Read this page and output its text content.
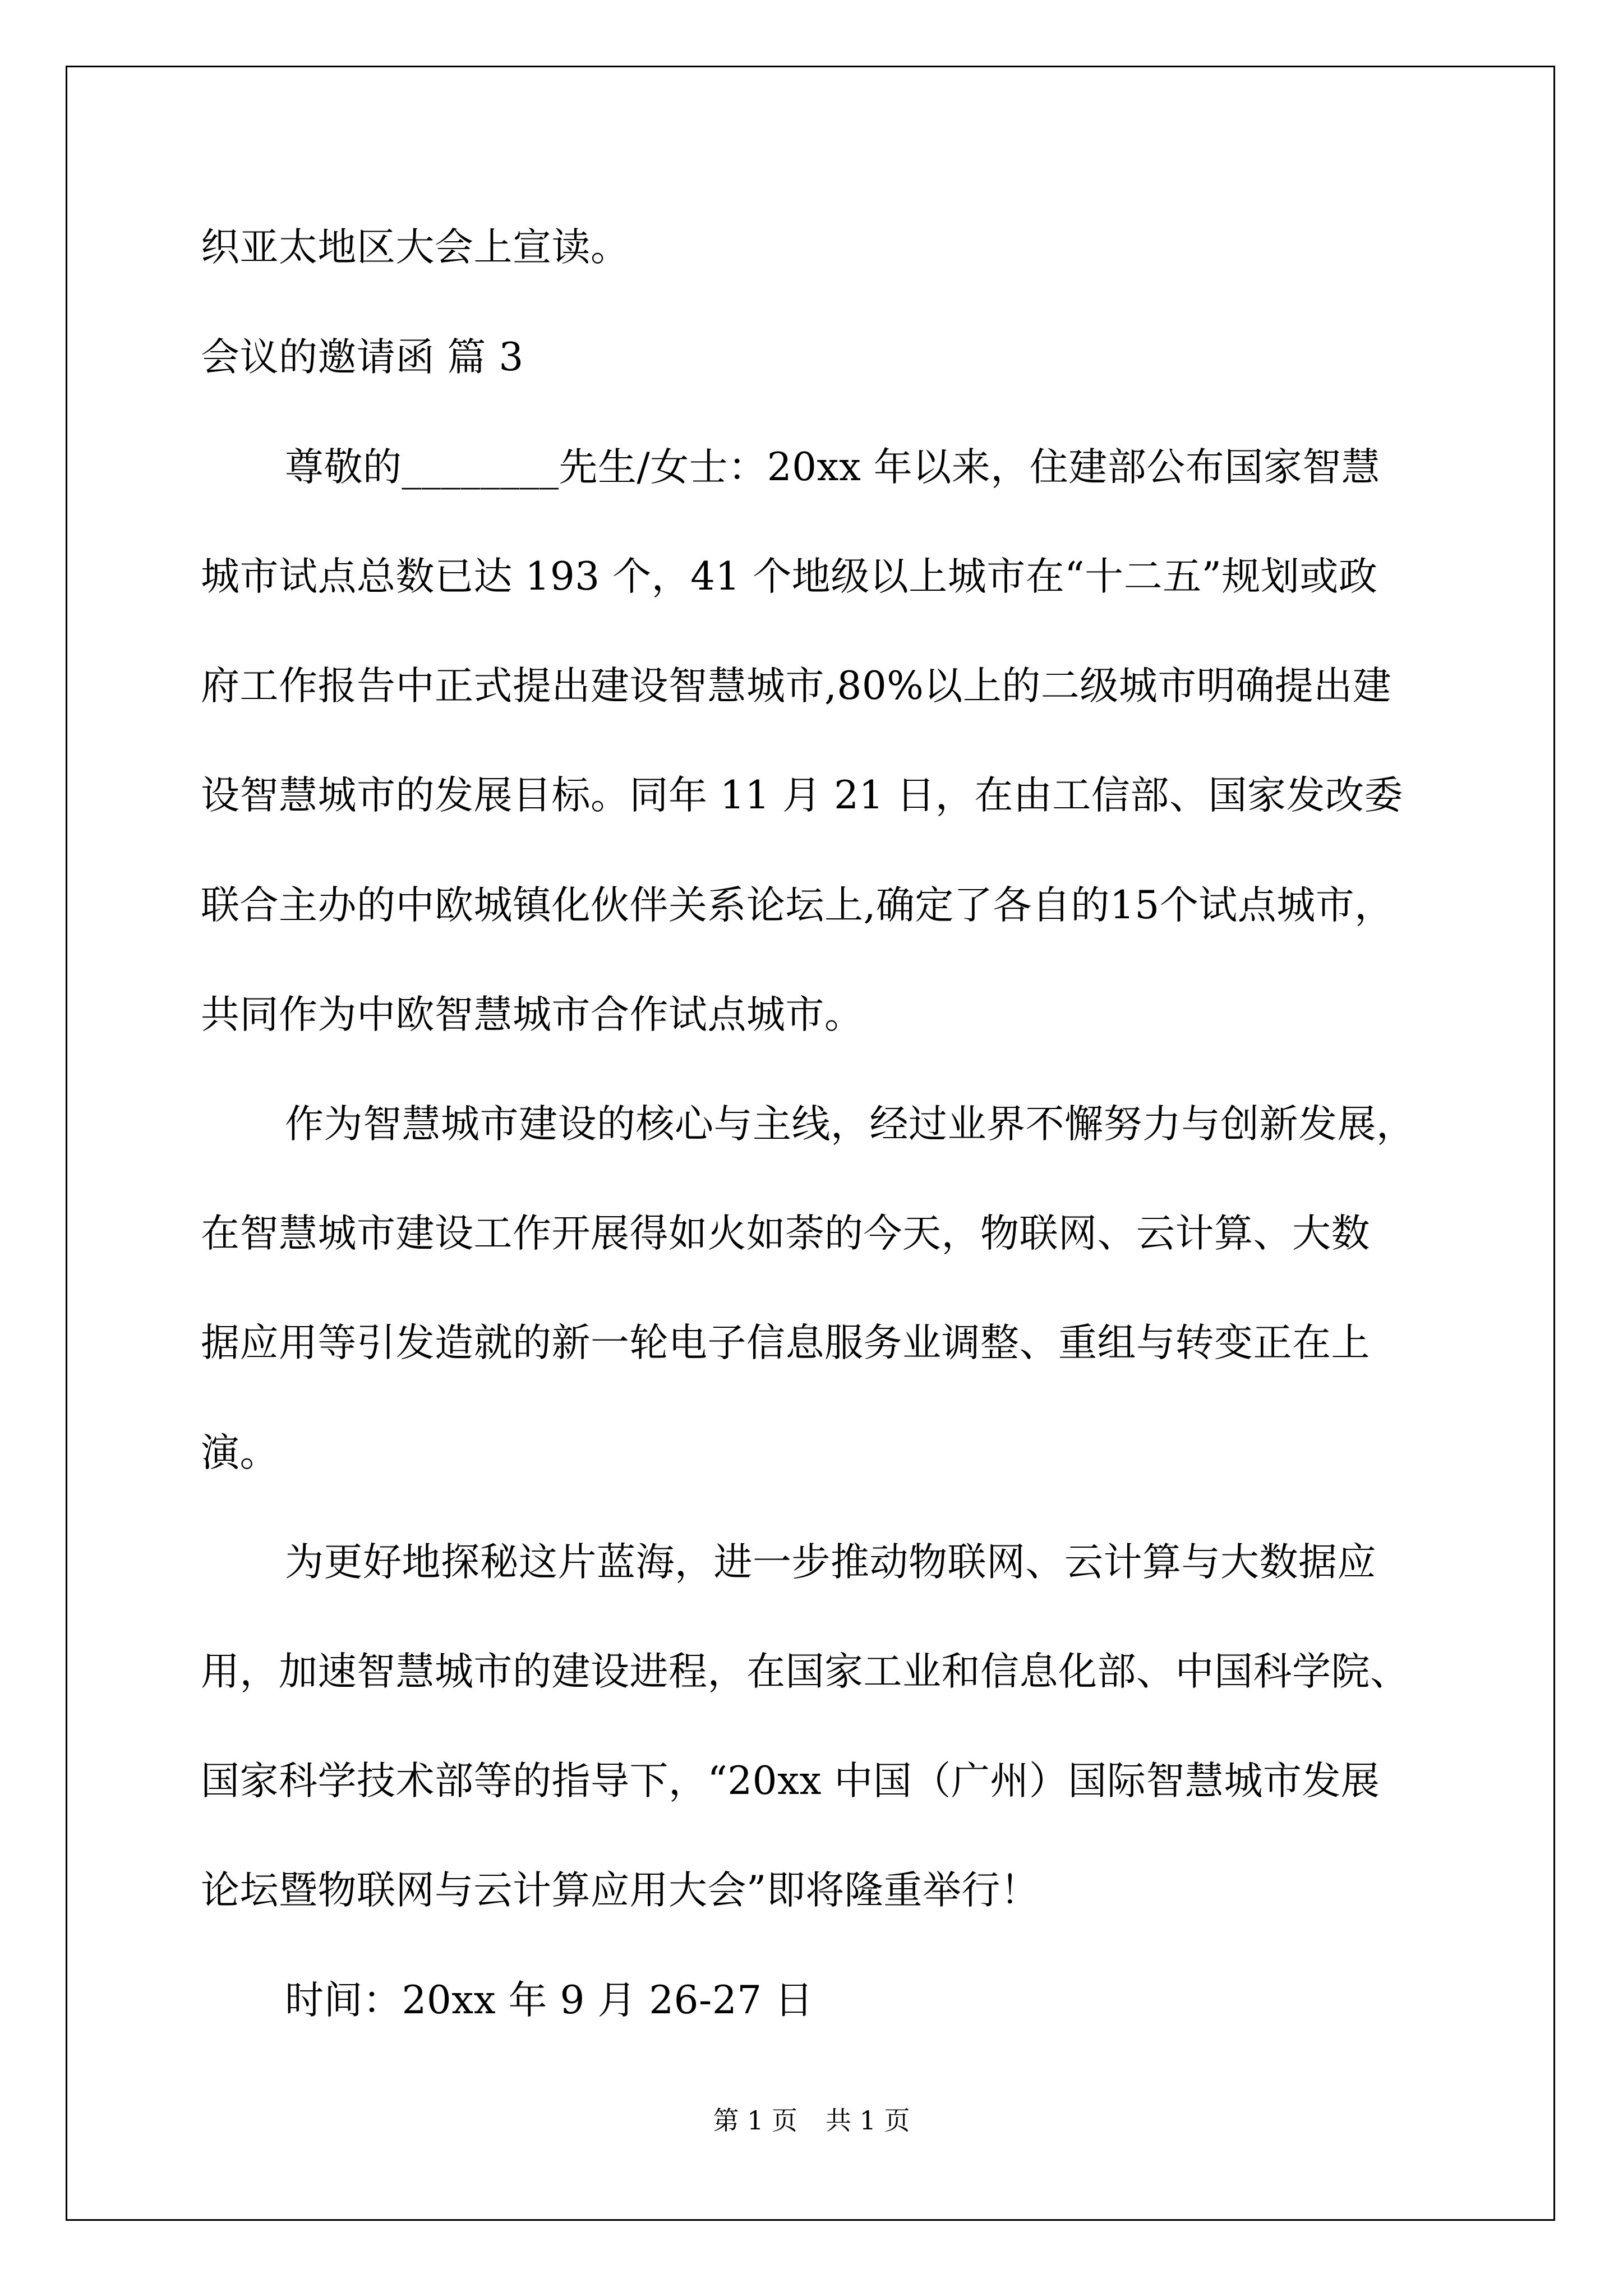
织亚太地区大会上宣读。
会议的邀请函 篇 3
尊敬的________先生/女士：20xx 年以来，住建部公布国家智慧
城市试点总数已达 193 个，41 个地级以上城市在“十二五”规划或政
府工作报告中正式提出建设智慧城市,80%以上的二级城市明确提出建
设智慧城市的发展目标。同年 11 月 21 日，在由工信部、国家发改委
联合主办的中欧城镇化伙伴关系论坛上,确定了各自的15个试点城市，
共同作为中欧智慧城市合作试点城市。
作为智慧城市建设的核心与主线，经过业界不懈努力与创新发展，
在智慧城市建设工作开展得如火如荼的今天，物联网、云计算、大数
据应用等引发造就的新一轮电子信息服务业调整、重组与转变正在上
演。
为更好地探秘这片蓝海，进一步推动物联网、云计算与大数据应
用，加速智慧城市的建设进程，在国家工业和信息化部、中国科学院、
国家科学技术部等的指导下，“20xx 中国（广州）国际智慧城市发展
论坛暨物联网与云计算应用大会”即将隆重举行！
时间：20xx 年 9 月 26-27 日
第 1 页 共 1 页
